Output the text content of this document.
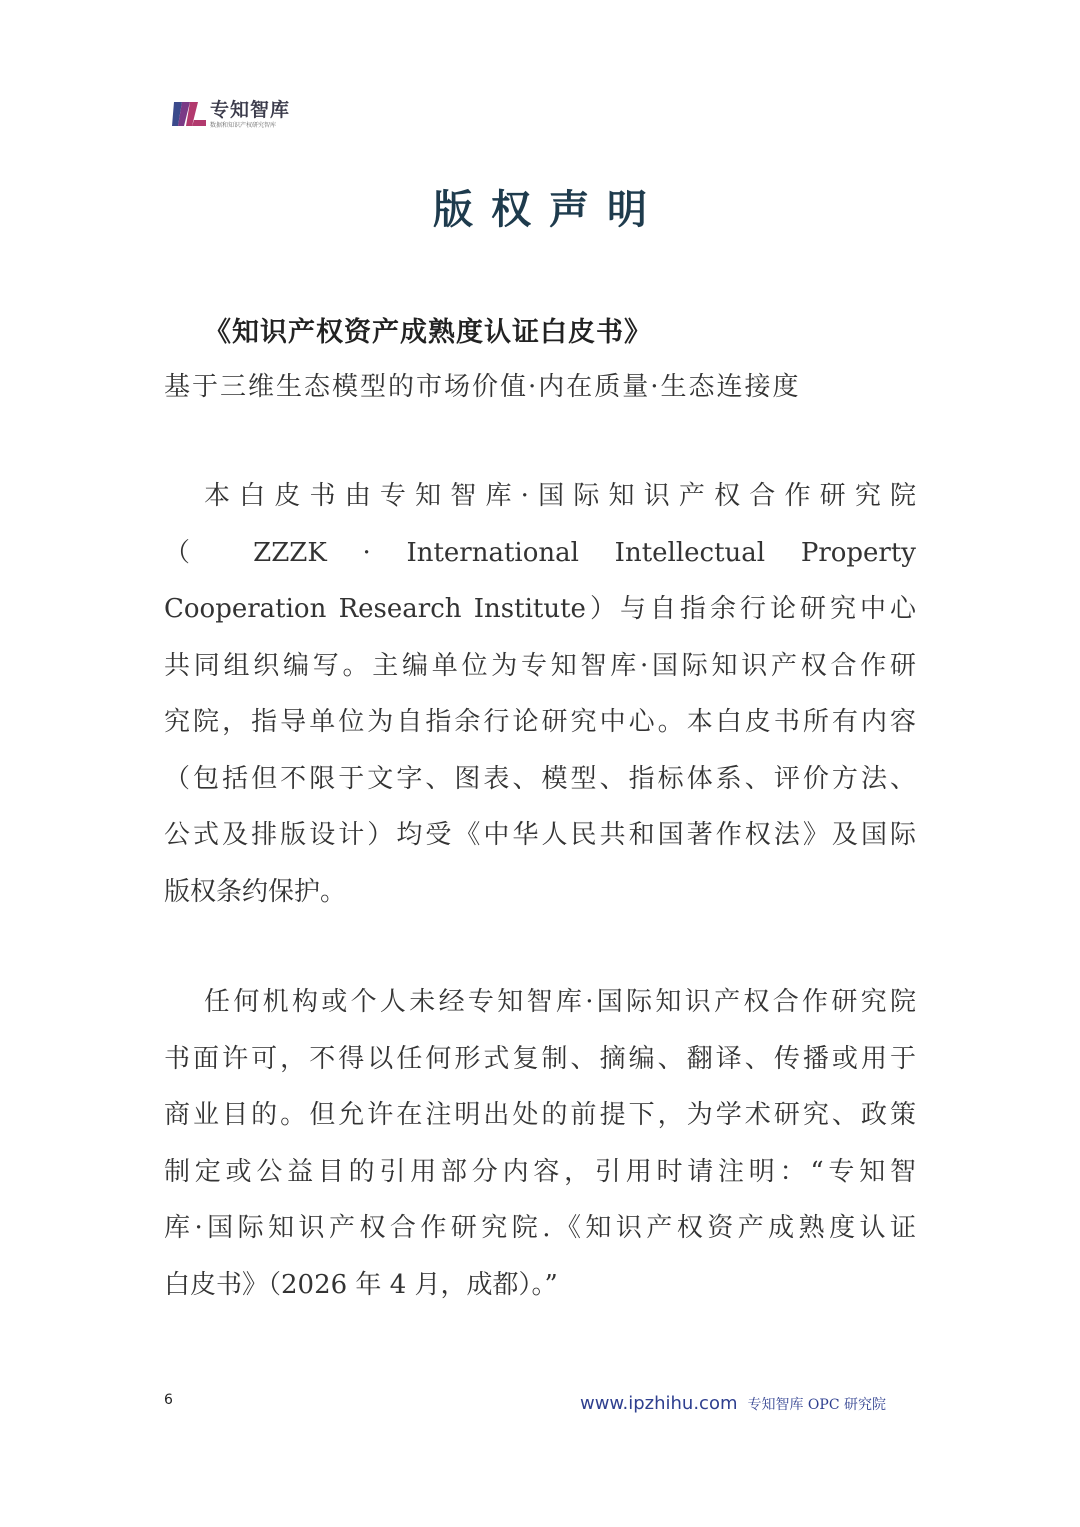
专知智库
数据和知识产权研究智库
版权声明
《知识产权资产成熟度认证白皮书》
基于三维生态模型的市场价值·内在质量·生态连接度
本白皮书由专知智库·国际知识产权合作研究院
（ ZZZK · International Intellectual Property
Cooperation Research Institute）与自指余行论研究中心
共同组织编写。主编单位为专知智库·国际知识产权合作研
究院，指导单位为自指余行论研究中心。本白皮书所有内容
（包括但不限于文字、图表、模型、指标体系、评价方法、
公式及排版设计）均受《中华人民共和国著作权法》及国际
版权条约保护。
任何机构或个人未经专知智库·国际知识产权合作研究院
书面许可，不得以任何形式复制、摘编、翻译、传播或用于
商业目的。但允许在注明出处的前提下，为学术研究、政策
制定或公益目的引用部分内容，引用时请注明：“专知智
库·国际知识产权合作研究院.《知识产权资产成熟度认证
白皮书》（2026 年 4 月，成都）。”
6	www.ipzhihu.com 专知智库 OPC 研究院
